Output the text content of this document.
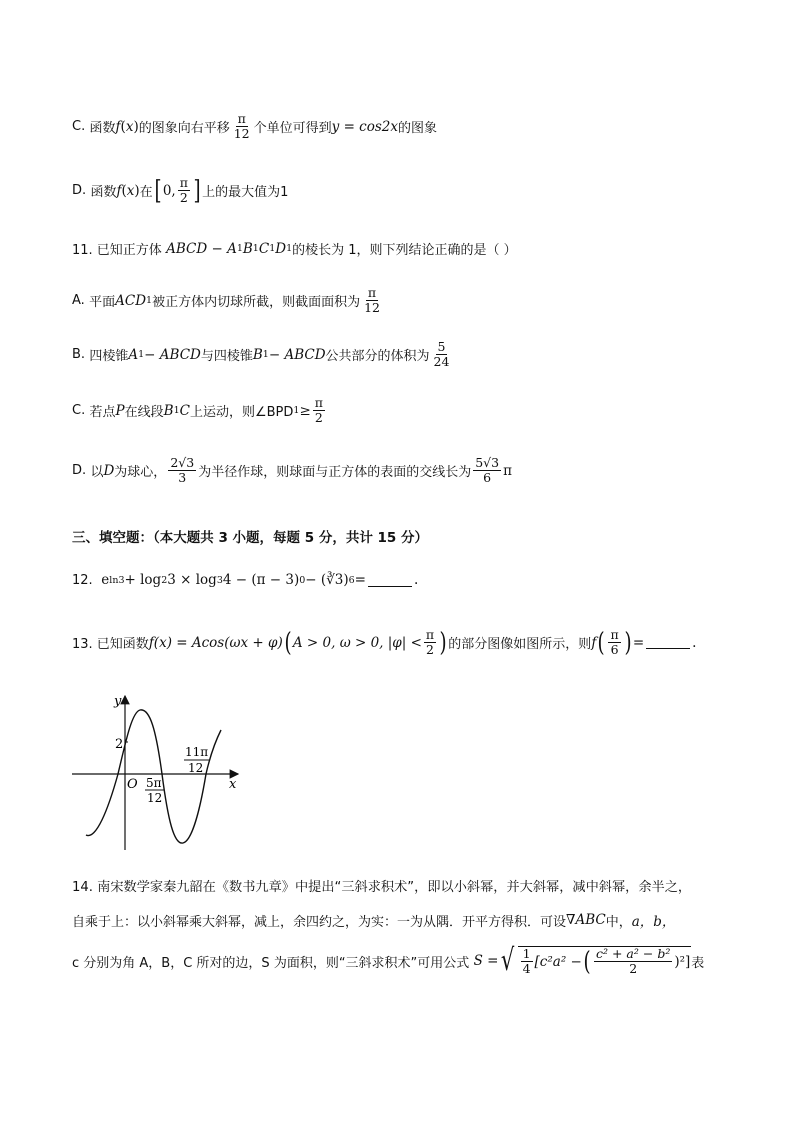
C.
函数 f ( x ) 的图象向右平移 $\frac{\pi}{12}$ 个单位可得到 y = cos2x 的图象
D.
函数 f ( x ) 在 [ 0, $\frac{\pi}{2}$ ] 上的最大值为1
11. 已知正方体
ABCD − A 1 B 1 C 1 D 1 的棱长为 1，则下列结论正确的是（ ）
A.
平面 ACD 1 被正方体内切球所截，则截面面积为 $\frac{\pi}{12}$
B.
四棱锥 A 1 − ABCD 与四棱锥 B 1 − ABCD 公共部分的体积为 $\frac{5}{24}$
C.
若点 P 在线段 B 1 C 上运动，则∠BPD $1 \ge \frac{\pi}{2}$
D.
以 D 为球心， $\frac{2√3}{3}$ 为半径作球，则球面与正方体的表面的交线长为 $\frac{5√3}{6}$ π
三、填空题：（本大题共 3 小题，每题 5 分，共计 15 分）
12.
e ln3 + log 2 3 × log 3 4 − (π − 3) 0 − (∛3) 6 =	.
13. 已知函数 f(x) = Acos(ωx + φ) ( A > 0, ω > 0, $|\varphi| < \frac{\pi}{2}$ ) 的部分图像如图所示，则 f ( $\frac{\pi}{6}$ ) =	.
y
x
O
2
5π
12
11π
12
14. 南宋数学家秦九韶在《数书九章》中提出“三斜求积术”，即以小斜幂，并大斜幂，减中斜幂，余半之，
自乘于上：以小斜幂乘大斜幂，减上，余四约之，为实：一为从隅．开平方得积．可设 ∇ABC 中， a，b，
c 分别为角 A，B，C 所对的边，S 为面积，则“三斜求积术”可用公式
S = √ $\frac{1}{4} [c^2a^2$ − ( $\frac{\text{c² + a² − b²}}{2} )^2$] 表
